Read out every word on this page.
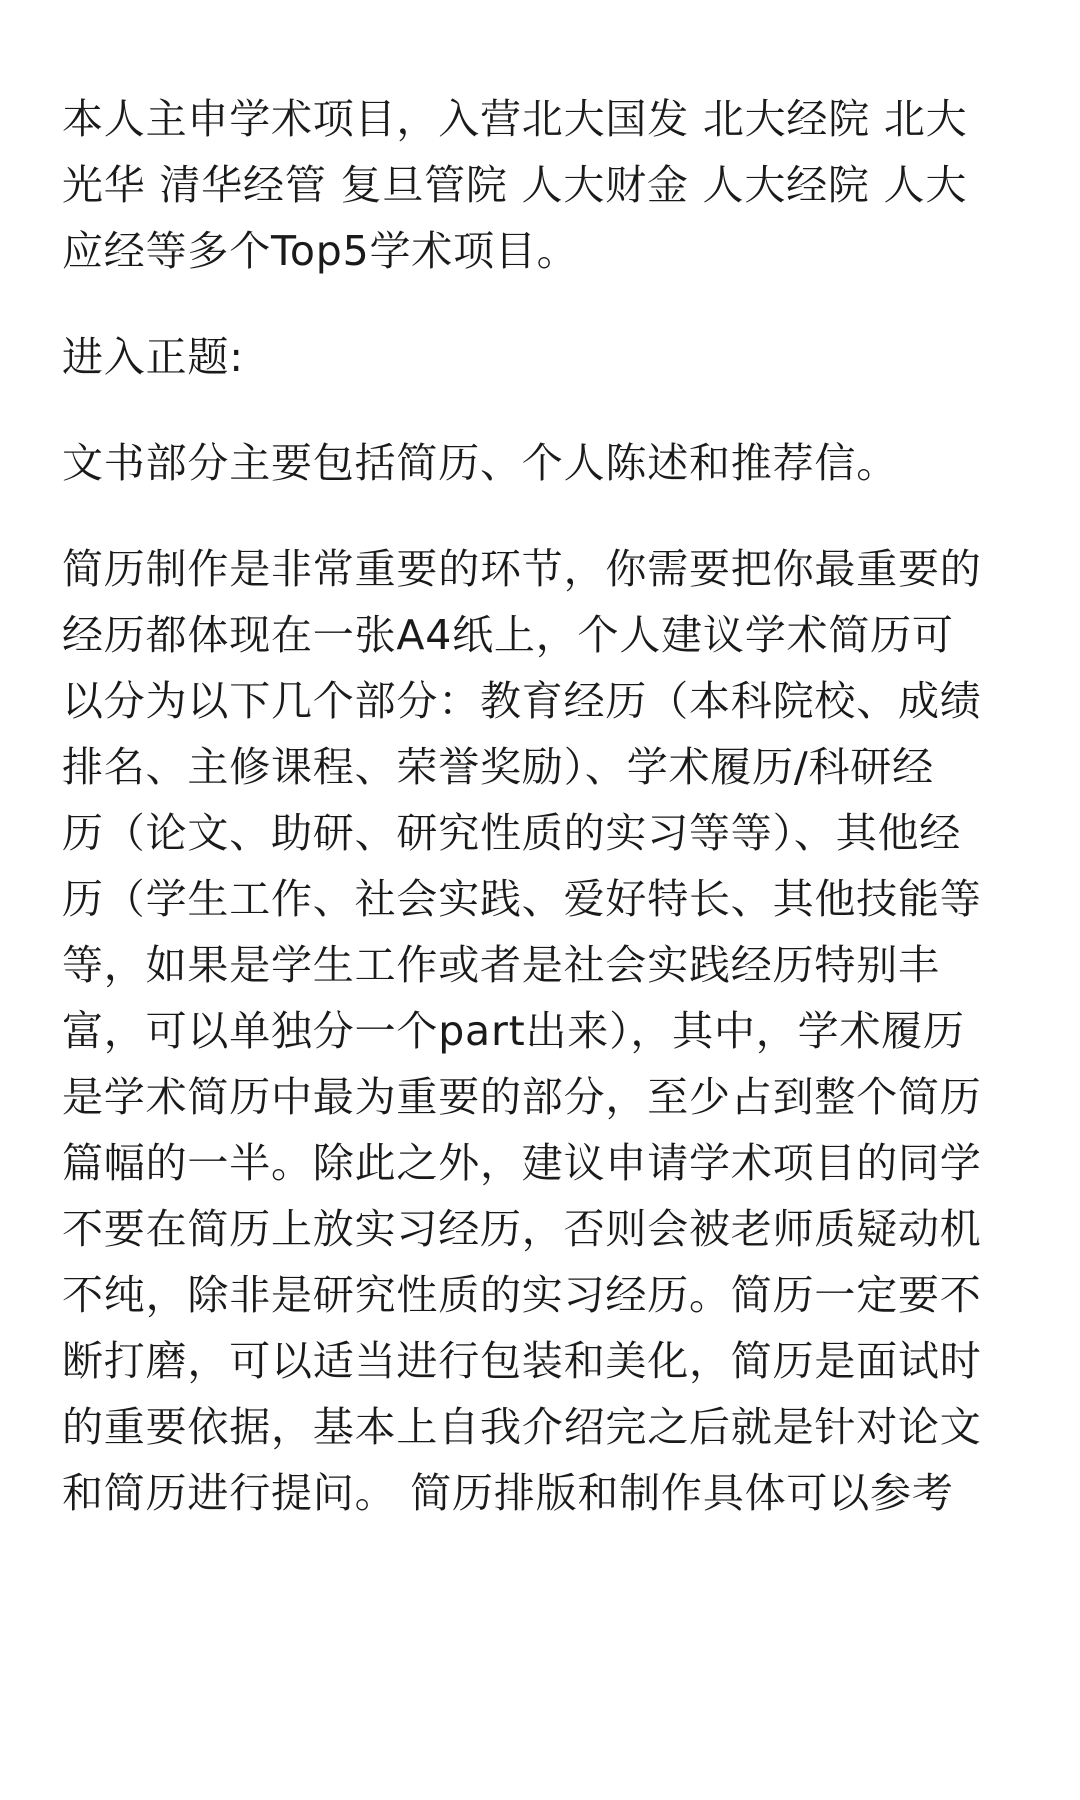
本人主申学术项目，入营北大国发 北大经院 北大
光华 清华经管 复旦管院 人大财金 人大经院 人大
应经等多个Top5学术项目。
进入正题:
文书部分主要包括简历、个人陈述和推荐信。
简历制作是非常重要的环节，你需要把你最重要的
经历都体现在一张A4纸上，个人建议学术简历可
以分为以下几个部分：教育经历（本科院校、成绩
排名、主修课程、荣誉奖励）、学术履历/科研经
历（论文、助研、研究性质的实习等等）、其他经
历（学生工作、社会实践、爱好特长、其他技能等
等，如果是学生工作或者是社会实践经历特别丰
富，可以单独分一个part出来），其中，学术履历
是学术简历中最为重要的部分，至少占到整个简历
篇幅的一半。除此之外，建议申请学术项目的同学
不要在简历上放实习经历，否则会被老师质疑动机
不纯，除非是研究性质的实习经历。简历一定要不
断打磨，可以适当进行包装和美化，简历是面试时
的重要依据，基本上自我介绍完之后就是针对论文
和简历进行提问。 简历排版和制作具体可以参考
